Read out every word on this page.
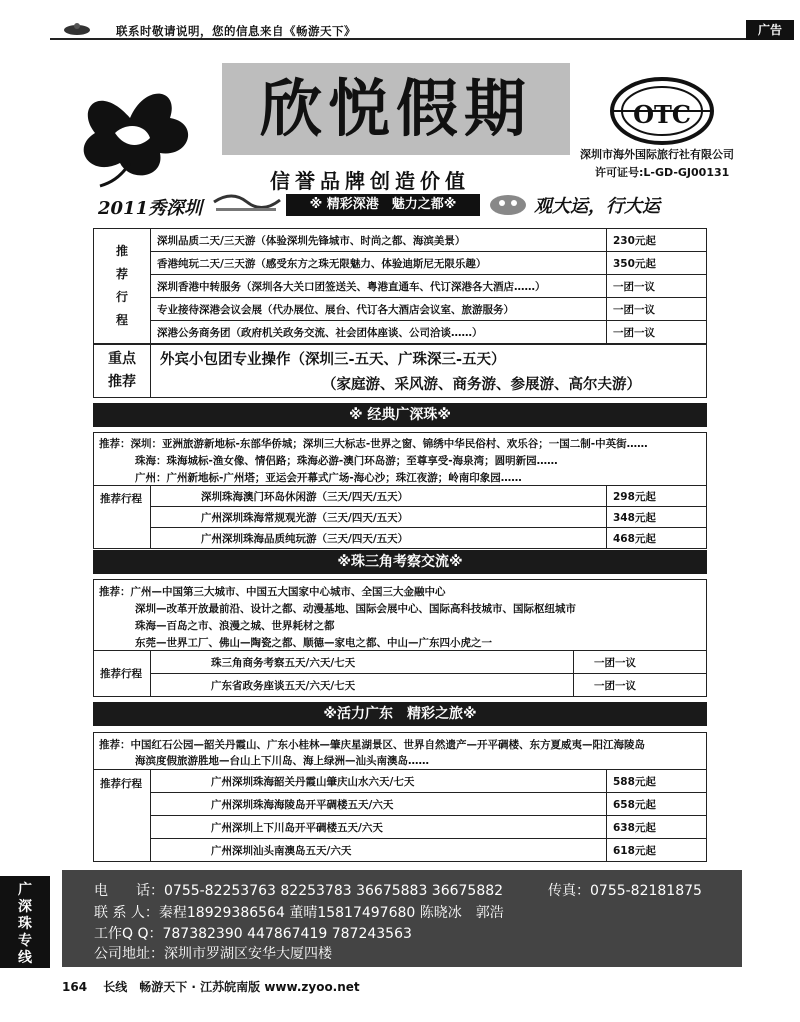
联系时敬请说明，您的信息来自《畅游天下》	广告
欣悦假期	OTC
深圳市海外国际旅行社有限公司
许可证号:L-GD-GJ00131
信誉品牌创造价值
2011秀深圳	※ 精彩深港　魅力之都※	观大运，行大运
推
荐
行
程	深圳品质二天/三天游（体验深圳先锋城市、时尚之都、海滨美景）	230元起
	香港纯玩二天/三天游（感受东方之珠无限魅力、体验迪斯尼无限乐趣）	350元起
	深圳香港中转服务（深圳各大关口团签送关、粤港直通车、代订深港各大酒店……）	一团一议
	专业接待深港会议会展（代办展位、展台、代订各大酒店会议室、旅游服务）	一团一议
	深港公务商务团（政府机关政务交流、社会团体座谈、公司洽谈……）	一团一议
重点
推荐
外宾小包团专业操作（深圳三-五天、广珠深三-五天）
（家庭游、采风游、商务游、参展游、高尔夫游）
※ 经典广深珠※
推荐：深圳：亚洲旅游新地标-东部华侨城；深圳三大标志-世界之窗、锦绣中华民俗村、欢乐谷；一国二制-中英街……
珠海：珠海城标-渔女像、情侣路；珠海必游-澳门环岛游；至尊享受-海泉湾；圆明新园……
广州：广州新地标-广州塔；亚运会开幕式广场-海心沙；珠江夜游；岭南印象园……
推荐行程	深圳珠海澳门环岛休闲游（三天/四天/五天）	298元起
	广州深圳珠海常规观光游（三天/四天/五天）	348元起
	广州深圳珠海品质纯玩游（三天/四天/五天）	468元起
※珠三角考察交流※
推荐：广州—中国第三大城市、中国五大国家中心城市、全国三大金融中心
深圳—改革开放最前沿、设计之都、动漫基地、国际会展中心、国际高科技城市、国际枢纽城市
珠海—百岛之市、浪漫之城、世界耗材之都
东莞—世界工厂、佛山—陶瓷之都、顺德—家电之都、中山—广东四小虎之一
推荐行程	珠三角商务考察五天/六天/七天	一团一议
	广东省政务座谈五天/六天/七天	一团一议
※活力广东　精彩之旅※
推荐：中国红石公园—韶关丹霞山、广东小桂林—肇庆星湖景区、世界自然遗产—开平碉楼、东方夏威夷—阳江海陵岛
海滨度假旅游胜地—台山上下川岛、海上绿洲—汕头南澳岛……
推荐行程	广州深圳珠海韶关丹霞山肇庆山水六天/七天	588元起
	广州深圳珠海海陵岛开平碉楼五天/六天	658元起
	广州深圳上下川岛开平碉楼五天/六天	638元起
	广州深圳汕头南澳岛五天/六天	618元起
广
深
珠
专
线
电　　话：0755-82253763 82253783 36675883 36675882	传真：0755-82181875
联 系 人：秦程18929386564 董晴15817497680 陈晓冰　郭浩
工作Q Q：787382390 447867419 787243563
公司地址：深圳市罗湖区安华大厦四楼
164 长线　畅游天下 · 江苏皖南版 www.zyoo.net
